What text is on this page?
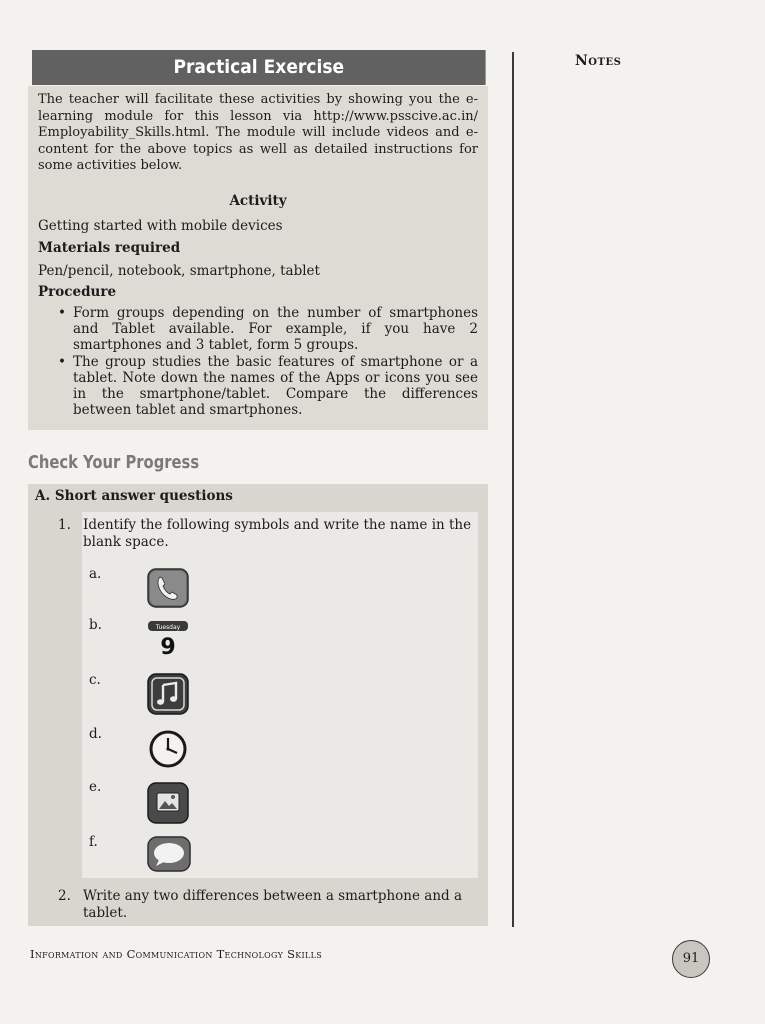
Practical Exercise
The teacher will facilitate these activities by showing you the e-learning module for this lesson via http://www.psscive.ac.in/ Employability_Skills.html. The module will include videos and e-content for the above topics as well as detailed instructions for some activities below.
Activity
Getting started with mobile devices
Materials required
Pen/pencil, notebook, smartphone, tablet
Procedure
• Form groups depending on the number of smartphones and Tablet available. For example, if you have 2 smartphones and 3 tablet, form 5 groups.
• The group studies the basic features of smartphone or a tablet. Note down the names of the Apps or icons you see in the smartphone/tablet. Compare the differences between tablet and smartphones.
Check Your Progress
A. Short answer questions
1. Identify the following symbols and write the name in the blank space.
a.
b.
c.
d.
e.
f.
Tuesday
9
2. Write any two differences between a smartphone and a tablet.
Notes
Information and Communication Technology Skills	91
